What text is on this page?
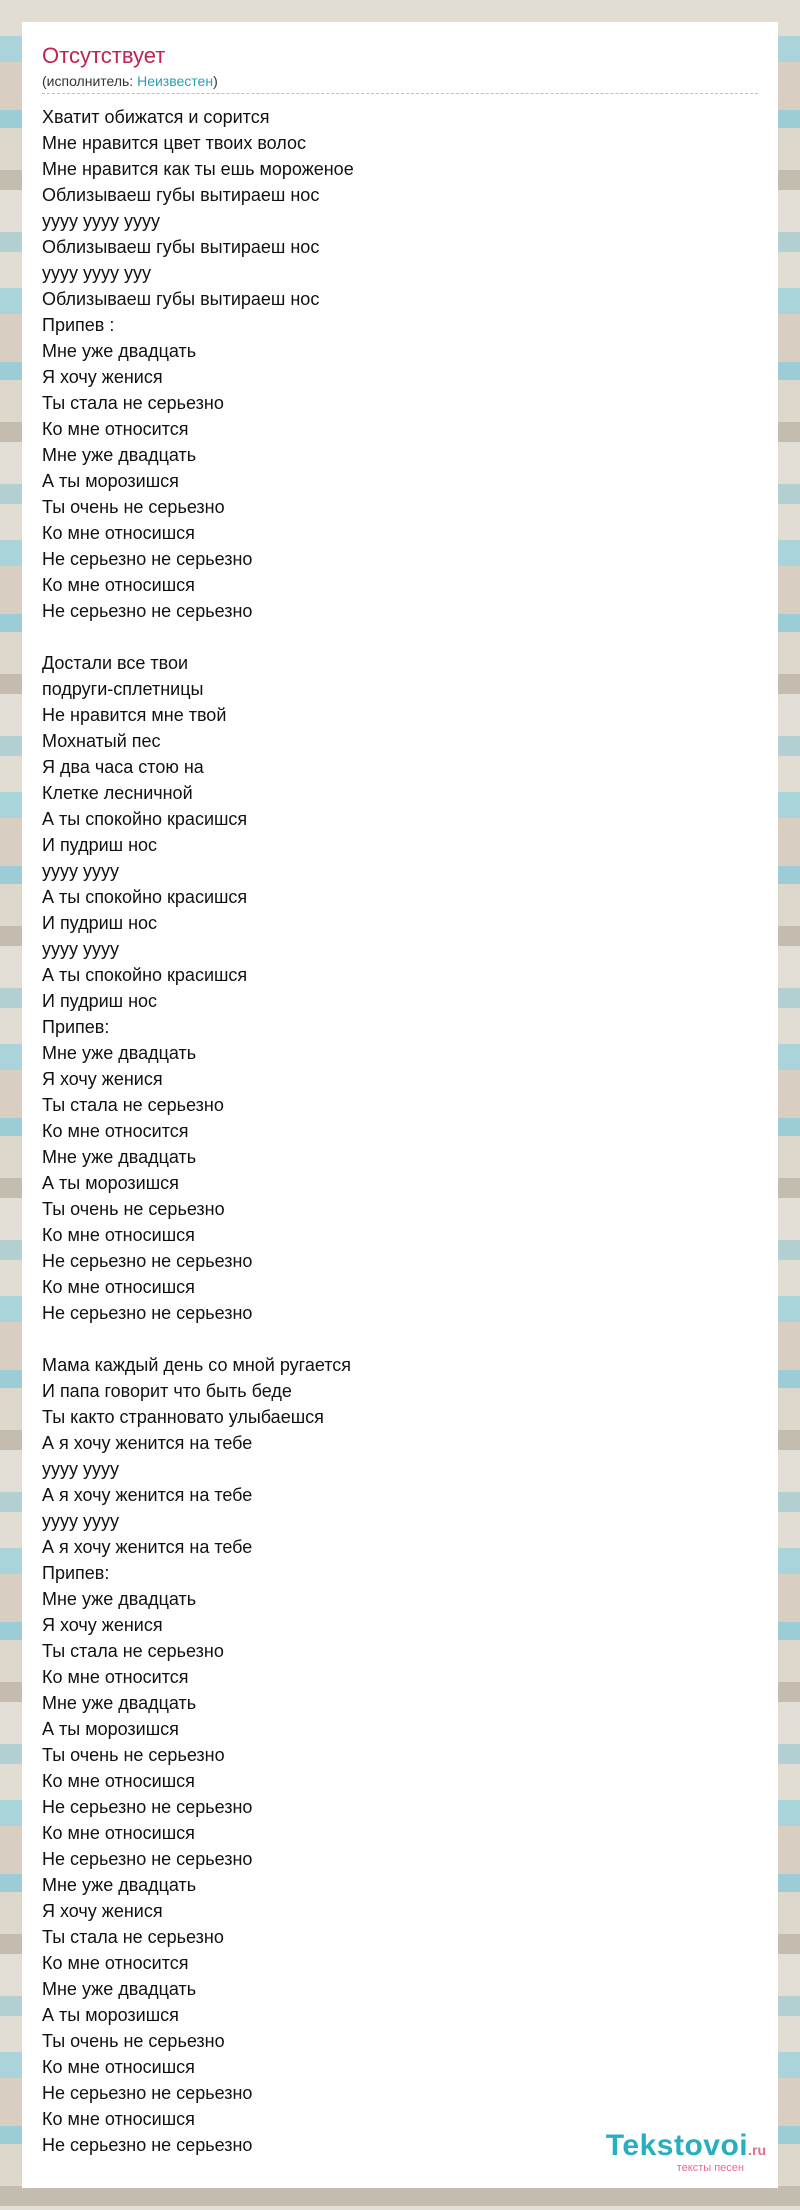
Отсутствует
(исполнитель: Неизвестен)
Хватит обижатся и сорится
Мне нравится цвет твоих волос
Мне нравится как ты ешь мороженое
Облизываеш губы вытираеш нос
уууу уууу уууу
Облизываеш губы вытираеш нос
уууу уууу ууу
Облизываеш губы вытираеш нос
Припев :
Мне уже двадцать
Я хочу женися
Ты стала не серьезно
Ко мне относится
Мне уже двадцать
А ты морозишся
Ты очень не серьезно
Ко мне относишся
Не серьезно не серьезно
Ко мне относишся
Не серьезно не серьезно
Достали все твои
подруги-сплетницы
Не нравится мне твой
Мохнатый пес
Я два часа стою на
Клетке лесничной
А ты спокойно красишся
И пудриш нос
уууу уууу
А ты спокойно красишся
И пудриш нос
уууу уууу
А ты спокойно красишся
И пудриш нос
Припев:
Мне уже двадцать
Я хочу женися
Ты стала не серьезно
Ко мне относится
Мне уже двадцать
А ты морозишся
Ты очень не серьезно
Ко мне относишся
Не серьезно не серьезно
Ко мне относишся
Не серьезно не серьезно
Мама каждый день со мной ругается
И папа говорит что быть беде
Ты както странновато улыбаешся
А я хочу женится на тебе
уууу уууу
А я хочу женится на тебе
уууу уууу
А я хочу женится на тебе
Припев:
Мне уже двадцать
Я хочу женися
Ты стала не серьезно
Ко мне относится
Мне уже двадцать
А ты морозишся
Ты очень не серьезно
Ко мне относишся
Не серьезно не серьезно
Ко мне относишся
Не серьезно не серьезно
Мне уже двадцать
Я хочу женися
Ты стала не серьезно
Ко мне относится
Мне уже двадцать
А ты морозишся
Ты очень не серьезно
Ко мне относишся
Не серьезно не серьезно
Ко мне относишся
Не серьезно не серьезно	Tekstovoi.ru
тексты песен
